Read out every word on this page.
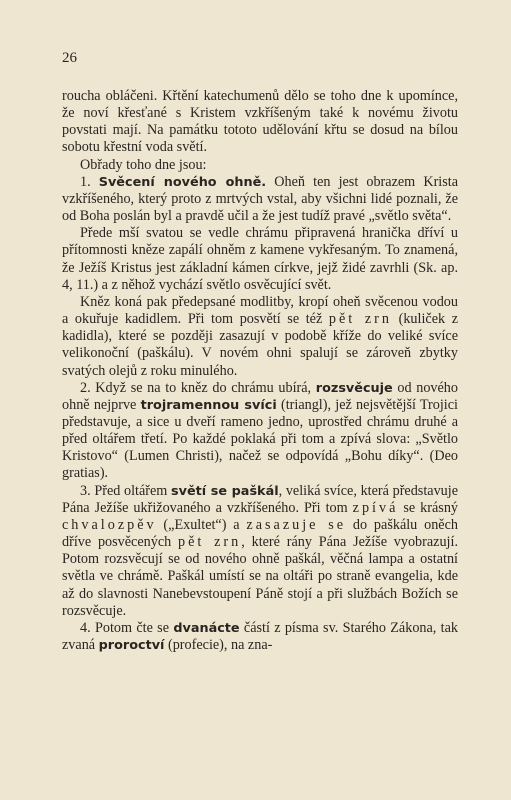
26

roucha obláčeni. Křtění katechumenů dělo se toho dne k upomínce, že noví křesťané s Kristem vzkříšeným také k novému životu povstati mají. Na památku tototo udělování křtu se dosud na bílou sobotu křestní voda světí.

Obřady toho dne jsou:

1. Svěcení nového ohně. Oheň ten jest obrazem Krista vzkříšeného, který proto z mrtvých vstal, aby všichni lidé poznali, že od Boha poslán byl a pravdě učil a že jest tudíž pravé „světlo světa“.

Přede mší svatou se vedle chrámu připravená hranička dříví u přítomnosti kněze zapálí ohněm z kamene vykřesaným. To znamená, že Ježíš Kristus jest základní kámen církve, jejž židé zavrhli (Sk. ap. 4, 11.) a z něhož vychází světlo osvěcující svět.

Kněz koná pak předepsané modlitby, kropí oheň svěcenou vodou a okuřuje kadidlem. Při tom posvětí se též pět zrn (kuliček z kadidla), které se později zasazují v podobě kříže do veliké svíce velikonoční (paškálu). V novém ohni spalují se zároveň zbytky svatých olejů z roku minulého.

2. Když se na to kněz do chrámu ubírá, rozsvěcuje od nového ohně nejprve trojramennou svíci (triangl), jež nejsvětější Trojici představuje, a sice u dveří rameno jedno, uprostřed chrámu druhé a před oltářem třetí. Po každé poklaká při tom a zpívá slova: „Světlo Kristovo“ (Lumen Christi), načež se odpovídá „Bohu díky“. (Deo gratias).

3. Před oltářem světí se paškál, veliká svíce, která představuje Pána Ježíše ukřižovaného a vzkříšeného. Při tom zpívá se krásný chvalozpěv („Exultet“) a zasazuje se do paškálu oněch dříve posvěcených pět zrn, které rány Pána Ježíše vyobrazují. Potom rozsvěcují se od nového ohně paškál, věčná lampa a ostatní světla ve chrámě. Paškál umístí se na oltáři po straně evangelia, kde až do slavnosti Nanebevstoupení Páně stojí a při službách Božích se rozsvěcuje.

4. Potom čte se dvanácte částí z písma sv. Starého Zákona, tak zvaná proroctví (profecie), na zna-
